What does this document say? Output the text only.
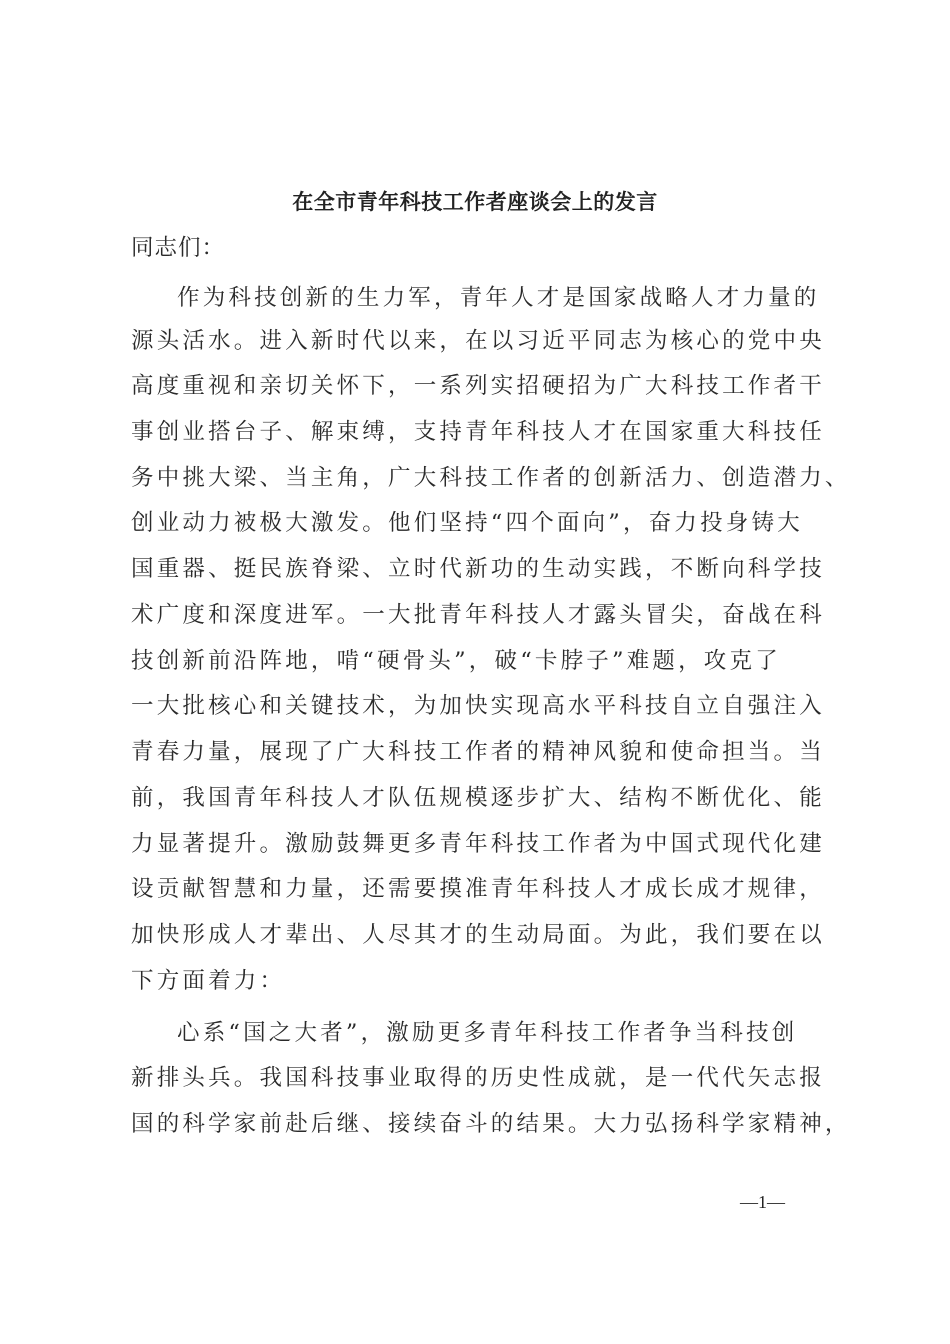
在全市青年科技工作者座谈会上的发言
同志们：
作为科技创新的生力军，青年人才是国家战略人才力量的
源头活水。进入新时代以来，在以习近平同志为核心的党中央
高度重视和亲切关怀下，一系列实招硬招为广大科技工作者干
事创业搭台子、解束缚，支持青年科技人才在国家重大科技任
务中挑大梁、当主角，广大科技工作者的创新活力、创造潜力、
创业动力被极大激发。他们坚持“四个面向”，奋力投身铸大
国重器、挺民族脊梁、立时代新功的生动实践，不断向科学技
术广度和深度进军。一大批青年科技人才露头冒尖，奋战在科
技创新前沿阵地，啃“硬骨头”，破“卡脖子”难题，攻克了
一大批核心和关键技术，为加快实现高水平科技自立自强注入
青春力量，展现了广大科技工作者的精神风貌和使命担当。当
前，我国青年科技人才队伍规模逐步扩大、结构不断优化、能
力显著提升。激励鼓舞更多青年科技工作者为中国式现代化建
设贡献智慧和力量，还需要摸准青年科技人才成长成才规律，
加快形成人才辈出、人尽其才的生动局面。为此，我们要在以
下方面着力：
心系“国之大者”，激励更多青年科技工作者争当科技创
新排头兵。我国科技事业取得的历史性成就，是一代代矢志报
国的科学家前赴后继、接续奋斗的结果。大力弘扬科学家精神，
—1—
